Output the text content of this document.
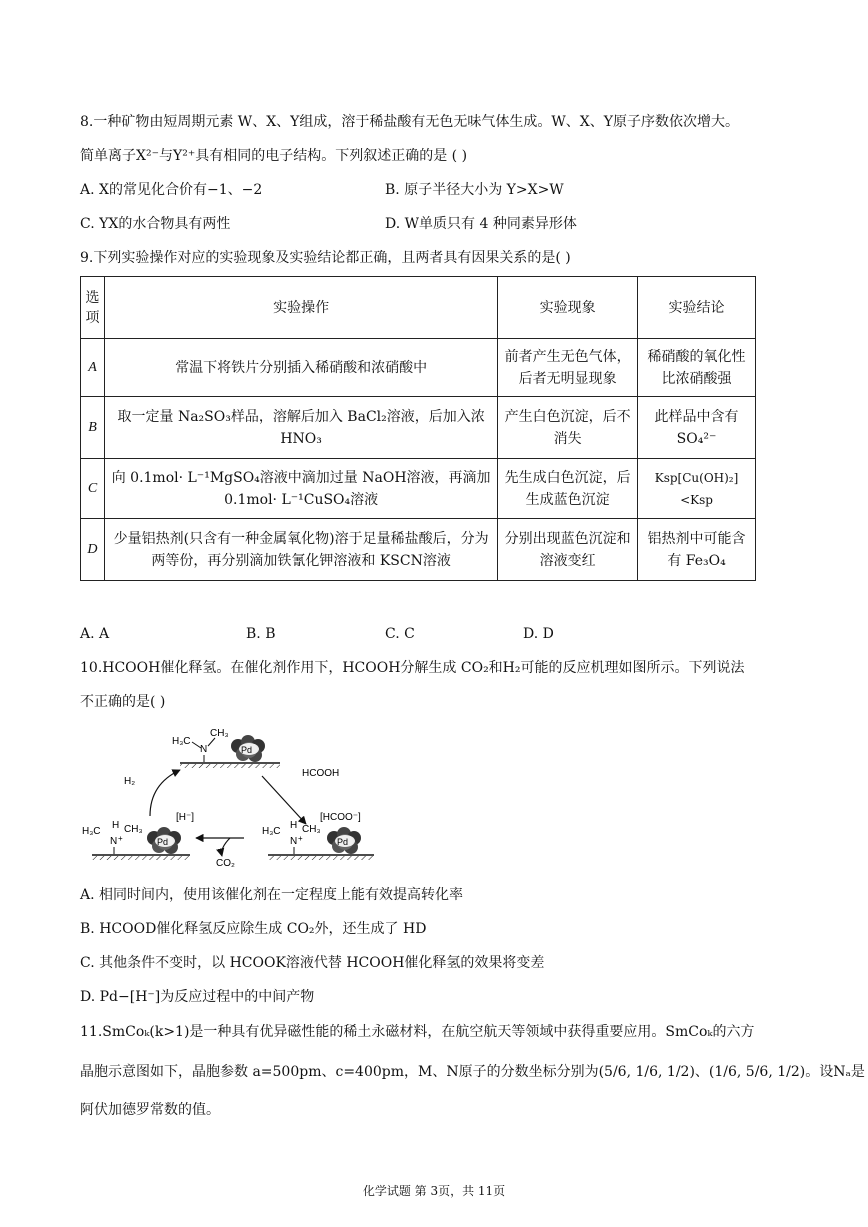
8.一种矿物由短周期元素 W、X、Y组成，溶于稀盐酸有无色无味气体生成。W、X、Y原子序数依次增大。
简单离子X²⁻与Y²⁺具有相同的电子结构。下列叙述正确的是 ( )
A. X的常见化合价有−1、−2	B. 原子半径大小为 Y>X>W
C. YX的水合物具有两性	D. W单质只有 4 种同素异形体
9.下列实验操作对应的实验现象及实验结论都正确，且两者具有因果关系的是( )
选项	实验操作	实验现象	实验结论
A	常温下将铁片分别插入稀硝酸和浓硝酸中	前者产生无色气体，后者无明显现象	稀硝酸的氧化性比浓硝酸强
B	取一定量 Na₂SO₃样品，溶解后加入 BaCl₂溶液，后加入浓 HNO₃	产生白色沉淀，后不消失	此样品中含有 SO₄²⁻
C	向 0.1mol· L⁻¹MgSO₄溶液中滴加过量 NaOH溶液，再滴加 0.1mol· L⁻¹CuSO₄溶液	先生成白色沉淀，后生成蓝色沉淀	Ksp[Cu(OH)₂]<Ksp
D	少量铝热剂(只含有一种金属氧化物)溶于足量稀盐酸后，分为两等份，再分别滴加铁氰化钾溶液和 KSCN溶液	分别出现蓝色沉淀和溶液变红	铝热剂中可能含有 Fe₃O₄
A. A	B. B	C. C	D. D
10.HCOOH催化释氢。在催化剂作用下，HCOOH分解生成 CO₂和H₂可能的反应机理如图所示。下列说法
不正确的是( )
H₃C
CH₃
N	Pd
H₂
HCOOH
CO₂
H₃C
H CH₃
N +
[H⁻]
Pd
H₃C
H CH₃
N +
[HCOO⁻]
Pd
A. 相同时间内，使用该催化剂在一定程度上能有效提高转化率
B. HCOOD催化释氢反应除生成 CO₂外，还生成了 HD
C. 其他条件不变时，以 HCOOK溶液代替 HCOOH催化释氢的效果将变差
D. Pd−[H⁻]为反应过程中的中间产物
11.SmCoₖ(k>1)是一种具有优异磁性能的稀土永磁材料，在航空航天等领域中获得重要应用。SmCoₖ的六方
晶胞示意图如下，晶胞参数 a=500pm、c=400pm，M、N原子的分数坐标分别为(5/6, 1/6, 1/2)、(1/6, 5/6, 1/2)。设Nₐ是
阿伏加德罗常数的值。
化学试题 第 3页，共 11页
